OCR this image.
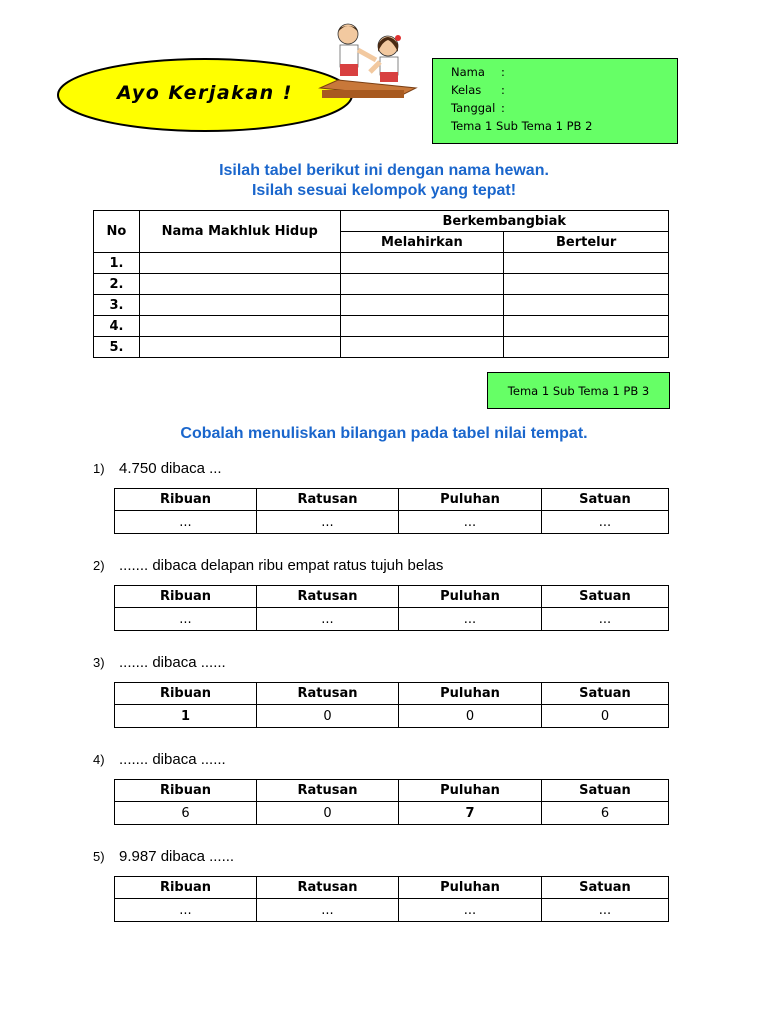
Ayo Kerjakan !
Nama :
Kelas :
Tanggal :
Tema 1 Sub Tema 1 PB 2
Isilah tabel berikut ini dengan nama hewan.
Isilah sesuai kelompok yang tepat!
No	Nama Makhluk Hidup	Berkembangbiak	
		Melahirkan	Bertelur
1.			
2.			
3.			
4.			
5.			
Tema 1 Sub Tema 1 PB 3
Cobalah menuliskan bilangan pada tabel nilai tempat.
1) 4.750 dibaca ...
Ribuan	Ratusan	Puluhan	Satuan
...	...	...	...
2) ....... dibaca delapan ribu empat ratus tujuh belas
Ribuan	Ratusan	Puluhan	Satuan
...	...	...	...
3) ....... dibaca ......
Ribuan	Ratusan	Puluhan	Satuan
1	0	0	0
4) ....... dibaca ......
Ribuan	Ratusan	Puluhan	Satuan
6	0	7	6
5) 9.987 dibaca ......
Ribuan	Ratusan	Puluhan	Satuan
...	...	...	...
